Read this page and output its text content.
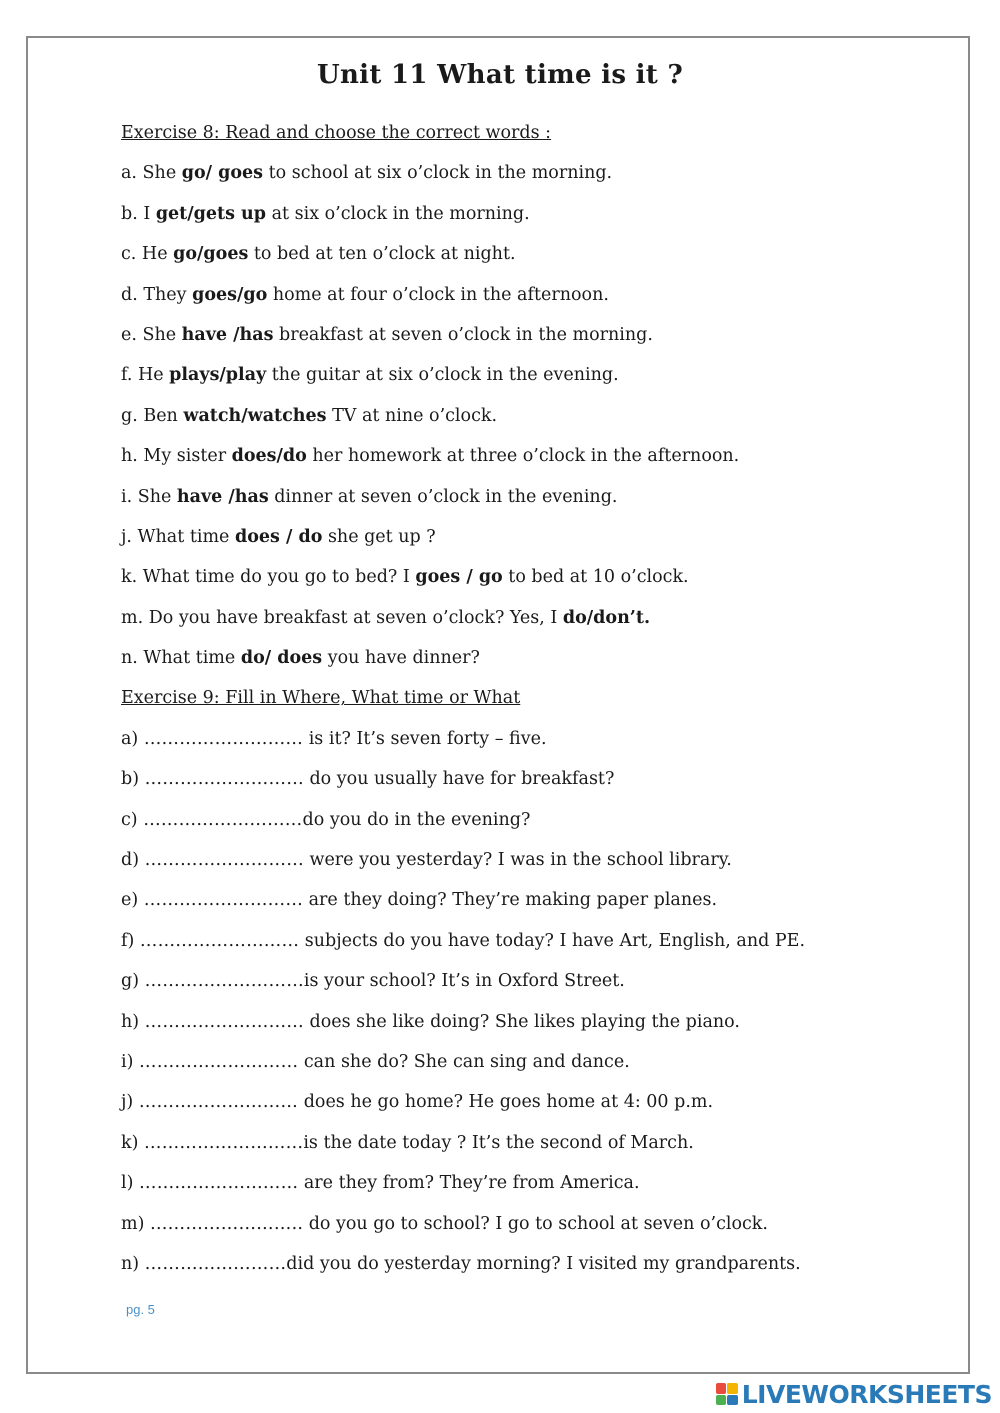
Unit 11 What time is it ?
Exercise 8: Read and choose the correct words :
a. She go/ goes to school at six o’clock in the morning.
b. I get/gets up at six o’clock in the morning.
c. He go/goes to bed at ten o’clock at night.
d. They goes/go home at four o’clock in the afternoon.
e. She have /has breakfast at seven o’clock in the morning.
f. He plays/play the guitar at six o’clock in the evening.
g. Ben watch/watches TV at nine o’clock.
h. My sister does/do her homework at three o’clock in the afternoon.
i. She have /has dinner at seven o’clock in the evening.
j. What time does / do she get up ?
k. What time do you go to bed? I goes / go to bed at 10 o’clock.
m. Do you have breakfast at seven o’clock? Yes, I do/don’t.
n. What time do/ does you have dinner?
Exercise 9: Fill in Where, What time or What
a) ……………………… is it? It’s seven forty – five.
b) ……………………… do you usually have for breakfast?
c) ………………………do you do in the evening?
d) ……………………… were you yesterday? I was in the school library.
e) ……………………… are they doing? They’re making paper planes.
f) ……………………… subjects do you have today? I have Art, English, and PE.
g) ………………………is your school? It’s in Oxford Street.
h) ……………………… does she like doing? She likes playing the piano.
i) ……………………… can she do? She can sing and dance.
j) ……………………… does he go home? He goes home at 4: 00 p.m.
k) ………………………is the date today ? It’s the second of March.
l) ……………………… are they from? They’re from America.
m) …………………….. do you go to school? I go to school at seven o’clock.
n) ……………………did you do yesterday morning? I visited my grandparents.
pg. 5
LIVEWORKSHEETS
